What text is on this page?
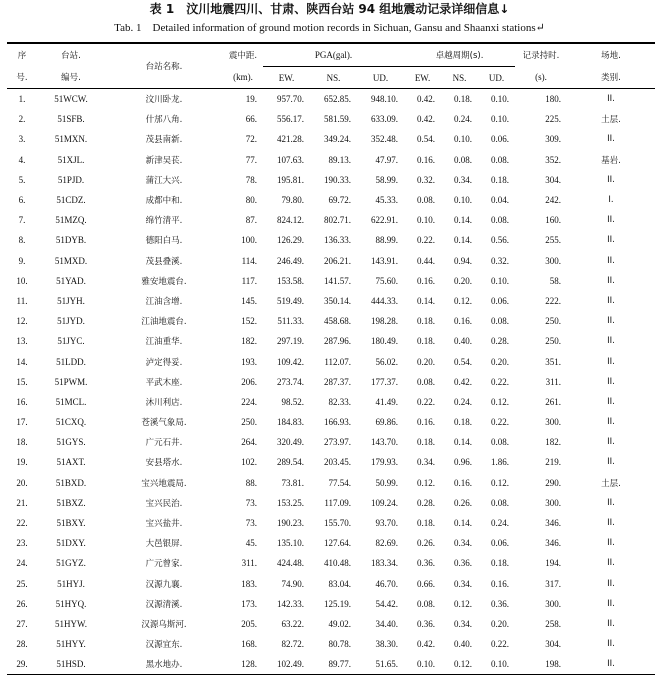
表 1　汶川地震四川、甘肃、陕西台站 94 组地震动记录详细信息↓
Tab. 1　Detailed information of ground motion records in Sichuan, Gansu and Shaanxi stations↵
序	台站.	台站名称.	震中距.	PGA(gal).			卓越周期(s).			记录持时.	场地.
号.	编号.		(km).	EW.	NS.	UD.	EW.	NS.	UD.	(s).	类别.
1.	51WCW.	汶川卧龙.	19.	957.70.	652.85.	948.10.	0.42.	0.18.	0.10.	180.	II.
2.	51SFB.	什邡八角.	66.	556.17.	581.59.	633.09.	0.42.	0.24.	0.10.	225.	土层.
3.	51MXN.	茂县南新.	72.	421.28.	349.24.	352.48.	0.54.	0.10.	0.06.	309.	II.
4.	51XJL.	新津吴苌.	77.	107.63.	89.13.	47.97.	0.16.	0.08.	0.08.	352.	基岩.
5.	51PJD.	蒲江大兴.	78.	195.81.	190.33.	58.99.	0.32.	0.34.	0.18.	304.	II.
6.	51CDZ.	成都中和.	80.	79.80.	69.72.	45.33.	0.08.	0.10.	0.04.	242.	I.
7.	51MZQ.	绵竹清平.	87.	824.12.	802.71.	622.91.	0.10.	0.14.	0.08.	160.	II.
8.	51DYB.	德阳白马.	100.	126.29.	136.33.	88.99.	0.22.	0.14.	0.56.	255.	II.
9.	51MXD.	茂县叠溪.	114.	246.49.	206.21.	143.91.	0.44.	0.94.	0.32.	300.	II.
10.	51YAD.	雅安地震台.	117.	153.58.	141.57.	75.60.	0.16.	0.20.	0.10.	58.	II.
11.	51JYH.	江油含增.	145.	519.49.	350.14.	444.33.	0.14.	0.12.	0.06.	222.	II.
12.	51JYD.	江油地震台.	152.	511.33.	458.68.	198.28.	0.18.	0.16.	0.08.	250.	II.
13.	51JYC.	江油重华.	182.	297.19.	287.96.	180.49.	0.18.	0.40.	0.28.	250.	II.
14.	51LDD.	泸定得妥.	193.	109.42.	112.07.	56.02.	0.20.	0.54.	0.20.	351.	II.
15.	51PWM.	平武木座.	206.	273.74.	287.37.	177.37.	0.08.	0.42.	0.22.	311.	II.
16.	51MCL.	沐川利店.	224.	98.52.	82.33.	41.49.	0.22.	0.24.	0.12.	261.	II.
17.	51CXQ.	苍溪气象局.	250.	184.83.	166.93.	69.86.	0.16.	0.18.	0.22.	300.	II.
18.	51GYS.	广元石井.	264.	320.49.	273.97.	143.70.	0.18.	0.14.	0.08.	182.	II.
19.	51AXT.	安县塔水.	102.	289.54.	203.45.	179.93.	0.34.	0.96.	1.86.	219.	II.
20.	51BXD.	宝兴地震局.	88.	73.81.	77.54.	50.99.	0.12.	0.16.	0.12.	290.	土层.
21.	51BXZ.	宝兴民治.	73.	153.25.	117.09.	109.24.	0.28.	0.26.	0.08.	300.	II.
22.	51BXY.	宝兴盐井.	73.	190.23.	155.70.	93.70.	0.18.	0.14.	0.24.	346.	II.
23.	51DXY.	大邑银屏.	45.	135.10.	127.64.	82.69.	0.26.	0.34.	0.06.	346.	II.
24.	51GYZ.	广元曾家.	311.	424.48.	410.48.	183.34.	0.36.	0.36.	0.18.	194.	II.
25.	51HYJ.	汉源九襄.	183.	74.90.	83.04.	46.70.	0.66.	0.34.	0.16.	317.	II.
26.	51HYQ.	汉源清溪.	173.	142.33.	125.19.	54.42.	0.08.	0.12.	0.36.	300.	II.
27.	51HYW.	汉源乌斯河.	205.	63.22.	49.02.	34.40.	0.36.	0.34.	0.20.	258.	II.
28.	51HYY.	汉源宜东.	168.	82.72.	80.78.	38.30.	0.42.	0.40.	0.22.	304.	II.
29.	51HSD.	黑水地办.	128.	102.49.	89.77.	51.65.	0.10.	0.12.	0.10.	198.	II.
